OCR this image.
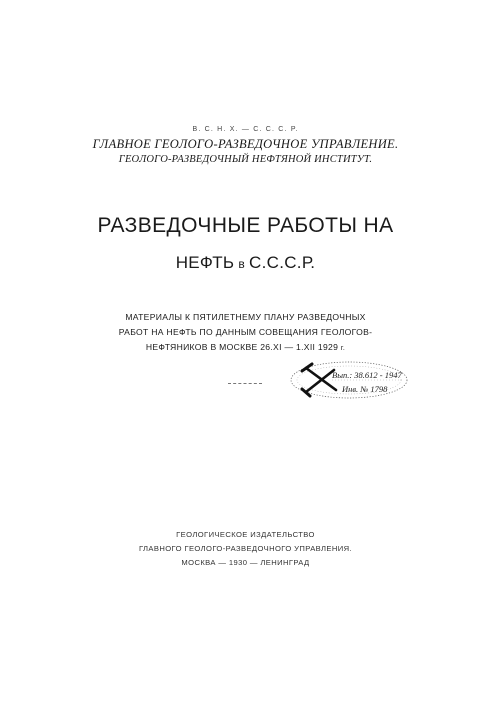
В. С. Н. Х. — С. С. С. Р.
ГЛАВНОЕ ГЕОЛОГО-РАЗВЕДОЧНОЕ УПРАВЛЕНИЕ.
ГЕОЛОГО-РАЗВЕДОЧНЫЙ НЕФТЯНОЙ ИНСТИТУТ.
РАЗВЕДОЧНЫЕ РАБОТЫ НА
НЕФТЬ в С.С.С.Р.
МАТЕРИАЛЫ К ПЯТИЛЕТНЕМУ ПЛАНУ РАЗВЕДОЧНЫХ
РАБОТ НА НЕФТЬ ПО ДАННЫМ СОВЕЩАНИЯ ГЕОЛОГОВ-
НЕФТЯНИКОВ В МОСКВЕ 26.XI — 1.XII 1929 г.
Вып.: 38.612 - 1947
Инв. № 1798
ГЕОЛОГИЧЕСКОЕ ИЗДАТЕЛЬСТВО
ГЛАВНОГО ГЕОЛОГО-РАЗВЕДОЧНОГО УПРАВЛЕНИЯ.
МОСКВА — 1930 — ЛЕНИНГРАД
